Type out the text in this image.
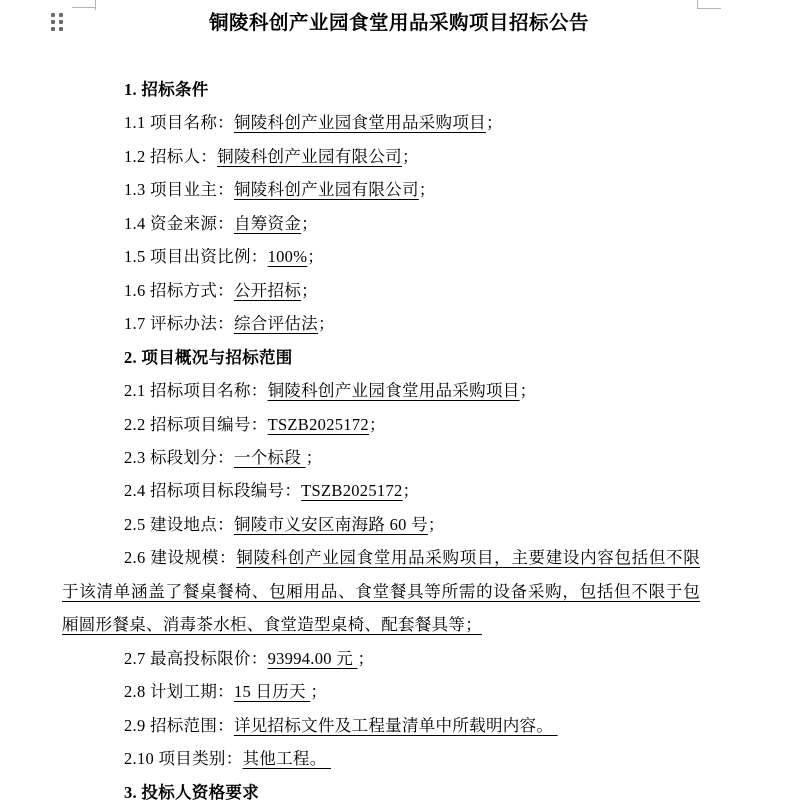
铜陵科创产业园食堂用品采购项目招标公告

1. 招标条件

1.1 项目名称：铜陵科创产业园食堂用品采购项目；

1.2 招标人：铜陵科创产业园有限公司；

1.3 项目业主：铜陵科创产业园有限公司；

1.4 资金来源：自筹资金；

1.5 项目出资比例：100%；

1.6 招标方式：公开招标；

1.7 评标办法：综合评估法；

2. 项目概况与招标范围

2.1 招标项目名称：铜陵科创产业园食堂用品采购项目；

2.2 招标项目编号：TSZB2025172；

2.3 标段划分：一个标段 ；

2.4 招标项目标段编号：TSZB2025172；

2.5 建设地点：铜陵市义安区南海路 60 号；

2.6 建设规模：铜陵科创产业园食堂用品采购项目，主要建设内容包括但不限于该清单涵盖了餐桌餐椅、包厢用品、食堂餐具等所需的设备采购，包括但不限于包厢圆形餐桌、消毒茶水柜、食堂造型桌椅、配套餐具等；

2.7 最高投标限价：93994.00 元 ；

2.8 计划工期：15 日历天 ；

2.9 招标范围：详见招标文件及工程量清单中所载明内容。

2.10 项目类别：其他工程。

3. 投标人资格要求
